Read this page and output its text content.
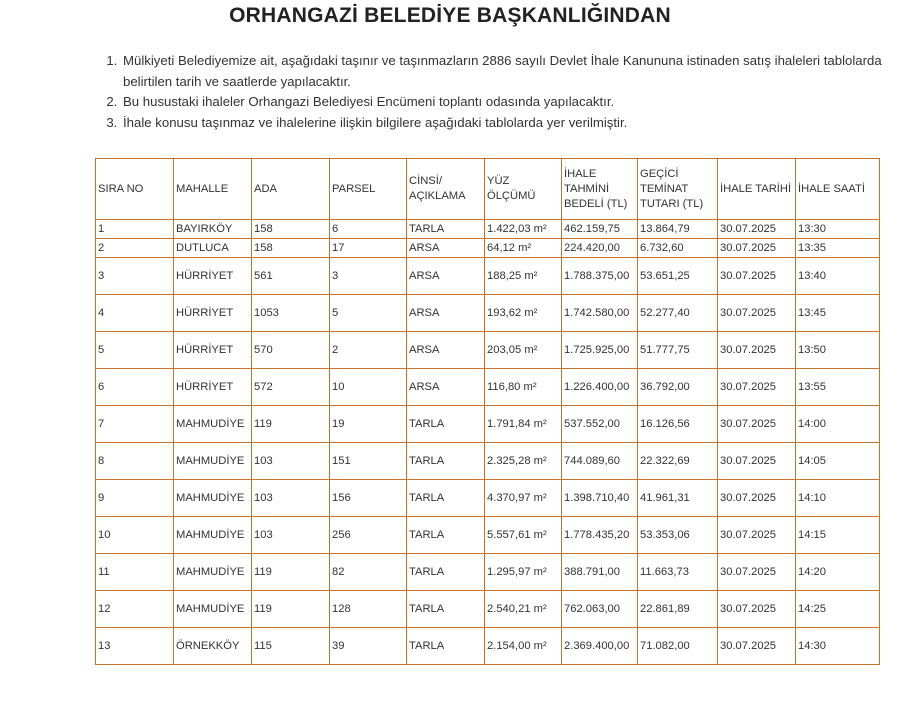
ORHANGAZİ BELEDİYE BAŞKANLIĞINDAN
1. Mülkiyeti Belediyemize ait, aşağıdaki taşınır ve taşınmazların 2886 sayılı Devlet İhale Kanununa istinaden satış ihaleleri tablolarda belirtilen tarih ve saatlerde yapılacaktır.
2. Bu husustaki ihaleler Orhangazi Belediyesi Encümeni toplantı odasında yapılacaktır.
3. İhale konusu taşınmaz ve ihalelerine ilişkin bilgilere aşağıdaki tablolarda yer verilmiştir.
SIRA NO	MAHALLE	ADA	PARSEL	CİNSİ/ AÇIKLAMA	YÜZ ÖLÇÜMÜ	İHALE TAHMİNİ BEDELİ (TL)	GEÇİCİ TEMİNAT TUTARI (TL)	İHALE TARİHİ	İHALE SAATİ
1	BAYIRKÖY	158	6	TARLA	1.422,03 m²	462.159,75	13.864,79	30.07.2025	13:30
2	DUTLUCA	158	17	ARSA	64,12 m²	224.420,00	6.732,60	30.07.2025	13:35
3	HÜRRİYET	561	3	ARSA	188,25 m²	1.788.375,00	53.651,25	30.07.2025	13:40
4	HÜRRİYET	1053	5	ARSA	193,62 m²	1.742.580,00	52.277,40	30.07.2025	13:45
5	HÜRRİYET	570	2	ARSA	203,05 m²	1.725.925,00	51.777,75	30.07.2025	13:50
6	HÜRRİYET	572	10	ARSA	116,80 m²	1.226.400,00	36.792,00	30.07.2025	13:55
7	MAHMUDİYE	119	19	TARLA	1.791,84 m²	537.552,00	16.126,56	30.07.2025	14:00
8	MAHMUDİYE	103	151	TARLA	2.325,28 m²	744.089,60	22.322,69	30.07.2025	14:05
9	MAHMUDİYE	103	156	TARLA	4.370,97 m²	1.398.710,40	41.961,31	30.07.2025	14:10
10	MAHMUDİYE	103	256	TARLA	5.557,61 m²	1.778.435,20	53.353,06	30.07.2025	14:15
11	MAHMUDİYE	119	82	TARLA	1.295,97 m²	388.791,00	11.663,73	30.07.2025	14:20
12	MAHMUDİYE	119	128	TARLA	2.540,21 m²	762.063,00	22.861,89	30.07.2025	14:25
13	ÖRNEKKÖY	115	39	TARLA	2.154,00 m²	2.369.400,00	71.082,00	30.07.2025	14:30
